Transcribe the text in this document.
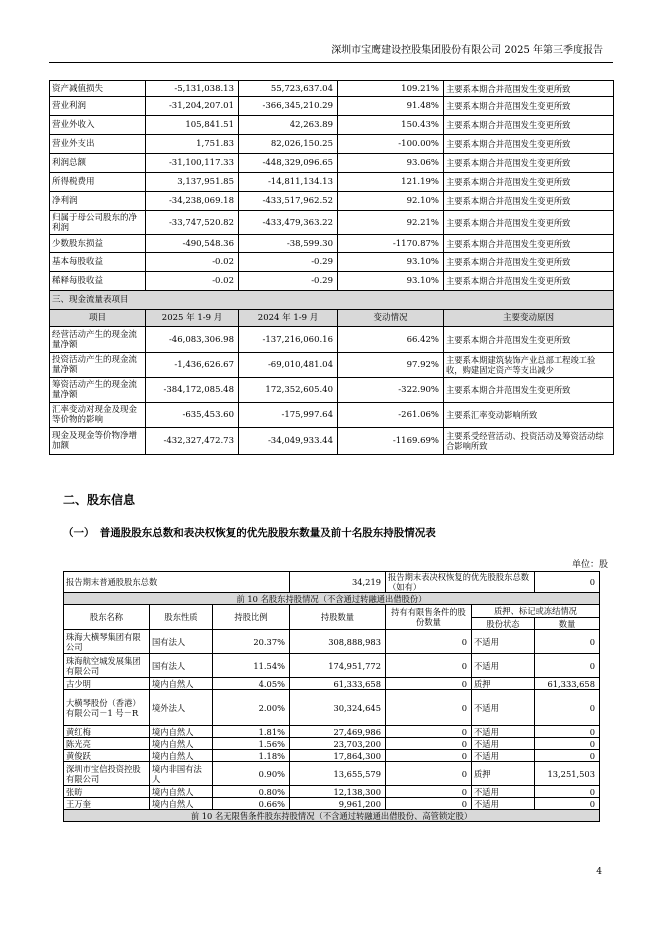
深圳市宝鹰建设控股集团股份有限公司 2025 年第三季度报告
资产减值损失	-5,131,038.13	55,723,637.04	109.21%	主要系本期合并范围发生变更所致
营业利润	-31,204,207.01	-366,345,210.29	91.48%	主要系本期合并范围发生变更所致
营业外收入	105,841.51	42,263.89	150.43%	主要系本期合并范围发生变更所致
营业外支出	1,751.83	82,026,150.25	-100.00%	主要系本期合并范围发生变更所致
利润总额	-31,100,117.33	-448,329,096.65	93.06%	主要系本期合并范围发生变更所致
所得税费用	3,137,951.85	-14,811,134.13	121.19%	主要系本期合并范围发生变更所致
净利润	-34,238,069.18	-433,517,962.52	92.10%	主要系本期合并范围发生变更所致
归属于母公司股东的净利润	-33,747,520.82	-433,479,363.22	92.21%	主要系本期合并范围发生变更所致
少数股东损益	-490,548.36	-38,599.30	-1170.87%	主要系本期合并范围发生变更所致
基本每股收益	-0.02	-0.29	93.10%	主要系本期合并范围发生变更所致
稀释每股收益	-0.02	-0.29	93.10%	主要系本期合并范围发生变更所致
三、现金流量表项目				
项目	2025 年 1-9 月	2024 年 1-9 月	变动情况	主要变动原因
经营活动产生的现金流量净额	-46,083,306.98	-137,216,060.16	66.42%	主要系本期合并范围发生变更所致
投资活动产生的现金流量净额	-1,436,626.67	-69,010,481.04	97.92%	主要系本期建筑装饰产业总部工程竣工验收，购建固定资产等支出减少
筹资活动产生的现金流量净额	-384,172,085.48	172,352,605.40	-322.90%	主要系本期合并范围发生变更所致
汇率变动对现金及现金等价物的影响	-635,453.60	-175,997.64	-261.06%	主要系汇率变动影响所致
现金及现金等价物净增加额	-432,327,472.73	-34,049,933.44	-1169.69%	主要系受经营活动、投资活动及筹资活动综合影响所致
二、股东信息
（一）　普通股股东总数和表决权恢复的优先股股东数量及前十名股东持股情况表
单位：股
报告期末普通股股东总数			34,219	报告期末表决权恢复的优先股股东总数（如有）		0
前 10 名股东持股情况（不含通过转融通出借股份）						
股东名称	股东性质	持股比例	持股数量	持有有限售条件的股份数量	质押、标记或冻结情况	
					股份状态	数量
珠海大横琴集团有限公司	国有法人	20.37%	308,888,983	0	不适用	0
珠海航空城发展集团有限公司	国有法人	11.54%	174,951,772	0	不适用	0
古少明	境内自然人	4.05%	61,333,658	0	质押	61,333,658
大横琴股份（香港）有限公司－1 号－R	境外法人	2.00%	30,324,645	0	不适用	0
黄红梅	境内自然人	1.81%	27,469,986	0	不适用	0
陈光亮	境内自然人	1.56%	23,703,200	0	不适用	0
黄俊跃	境内自然人	1.18%	17,864,300	0	不适用	0
深圳市宝信投资控股有限公司	境内非国有法人	0.90%	13,655,579	0	质押	13,251,503
张昉	境内自然人	0.80%	12,138,300	0	不适用	0
王万奎	境内自然人	0.66%	9,961,200	0	不适用	0
前 10 名无限售条件股东持股情况（不含通过转融通出借股份、高管锁定股）						
4
